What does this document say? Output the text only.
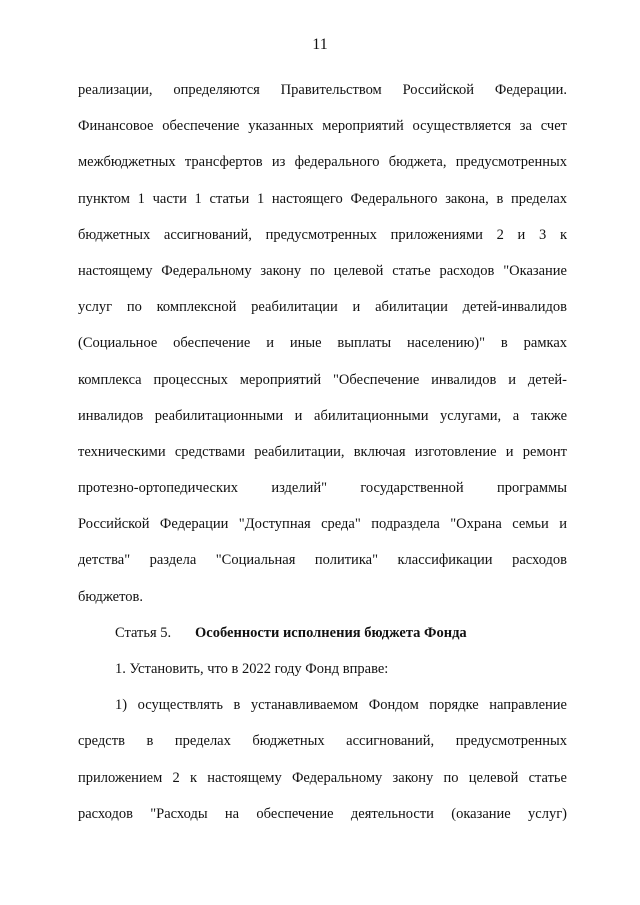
11
реализации, определяются Правительством Российской Федерации.
Финансовое обеспечение указанных мероприятий осуществляется за счет
межбюджетных трансфертов из федерального бюджета, предусмотренных
пунктом 1 части 1 статьи 1 настоящего Федерального закона, в пределах
бюджетных ассигнований, предусмотренных приложениями 2 и 3 к
настоящему Федеральному закону по целевой статье расходов "Оказание
услуг по комплексной реабилитации и абилитации детей-инвалидов
(Социальное обеспечение и иные выплаты населению)" в рамках
комплекса процессных мероприятий "Обеспечение инвалидов и детей-
инвалидов реабилитационными и абилитационными услугами, а также
техническими средствами реабилитации, включая изготовление и ремонт
протезно-ортопедических изделий" государственной программы
Российской Федерации "Доступная среда" подраздела "Охрана семьи и
детства" раздела "Социальная политика" классификации расходов
бюджетов.
Статья 5. Особенности исполнения бюджета Фонда
1. Установить, что в 2022 году Фонд вправе:
1) осуществлять в устанавливаемом Фондом порядке направление
средств в пределах бюджетных ассигнований, предусмотренных
приложением 2 к настоящему Федеральному закону по целевой статье
расходов "Расходы на обеспечение деятельности (оказание услуг)
